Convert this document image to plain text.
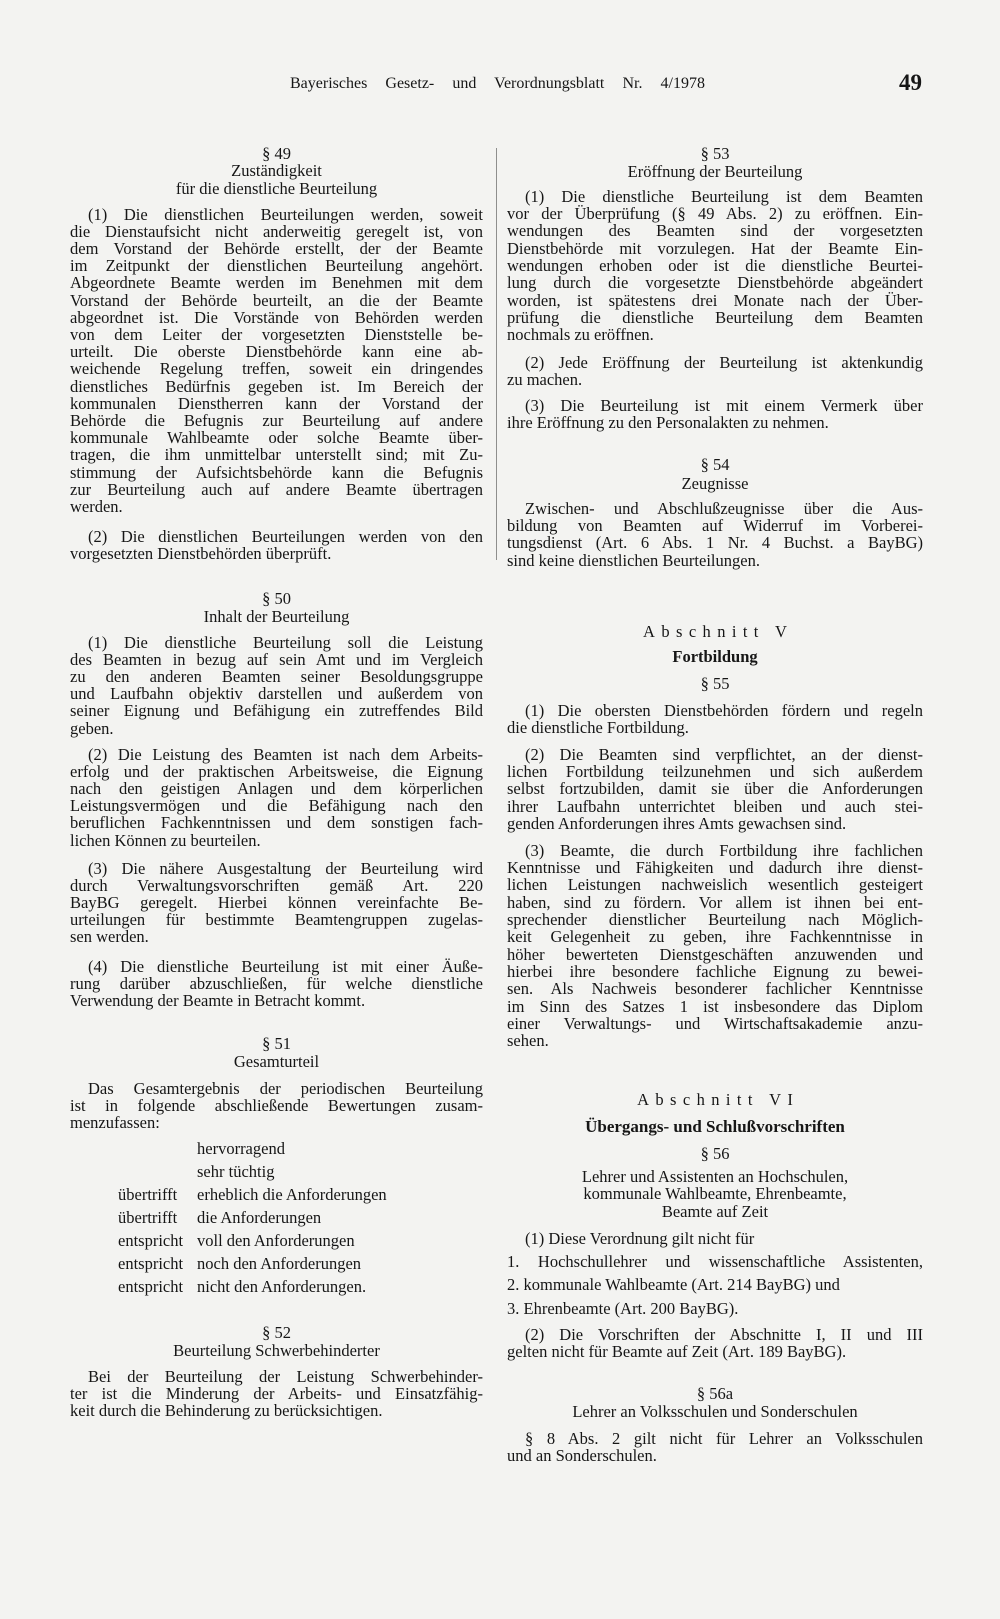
Bayerisches Gesetz- und Verordnungsblatt Nr. 4/1978	49
§ 49
Zuständigkeit
für die dienstliche Beurteilung
(1) Die dienstlichen Beurteilungen werden, soweit
die Dienstaufsicht nicht anderweitig geregelt ist, von
dem Vorstand der Behörde erstellt, der der Beamte
im Zeitpunkt der dienstlichen Beurteilung angehört.
Abgeordnete Beamte werden im Benehmen mit dem
Vorstand der Behörde beurteilt, an die der Beamte
abgeordnet ist. Die Vorstände von Behörden werden
von dem Leiter der vorgesetzten Dienststelle be-
urteilt. Die oberste Dienstbehörde kann eine ab-
weichende Regelung treffen, soweit ein dringendes
dienstliches Bedürfnis gegeben ist. Im Bereich der
kommunalen Dienstherren kann der Vorstand der
Behörde die Befugnis zur Beurteilung auf andere
kommunale Wahlbeamte oder solche Beamte über-
tragen, die ihm unmittelbar unterstellt sind; mit Zu-
stimmung der Aufsichtsbehörde kann die Befugnis
zur Beurteilung auch auf andere Beamte übertragen
werden.
(2) Die dienstlichen Beurteilungen werden von den
vorgesetzten Dienstbehörden überprüft.
§ 50
Inhalt der Beurteilung
(1) Die dienstliche Beurteilung soll die Leistung
des Beamten in bezug auf sein Amt und im Vergleich
zu den anderen Beamten seiner Besoldungsgruppe
und Laufbahn objektiv darstellen und außerdem von
seiner Eignung und Befähigung ein zutreffendes Bild
geben.
(2) Die Leistung des Beamten ist nach dem Arbeits-
erfolg und der praktischen Arbeitsweise, die Eignung
nach den geistigen Anlagen und dem körperlichen
Leistungsvermögen und die Befähigung nach den
beruflichen Fachkenntnissen und dem sonstigen fach-
lichen Können zu beurteilen.
(3) Die nähere Ausgestaltung der Beurteilung wird
durch Verwaltungsvorschriften gemäß Art. 220
BayBG geregelt. Hierbei können vereinfachte Be-
urteilungen für bestimmte Beamtengruppen zugelas-
sen werden.
(4) Die dienstliche Beurteilung ist mit einer Äuße-
rung darüber abzuschließen, für welche dienstliche
Verwendung der Beamte in Betracht kommt.
§ 51
Gesamturteil
Das Gesamtergebnis der periodischen Beurteilung
ist in folgende abschließende Bewertungen zusam-
menzufassen:
hervorragend
sehr tüchtig
übertrifft erheblich die Anforderungen
übertrifft die Anforderungen
entspricht voll den Anforderungen
entspricht noch den Anforderungen
entspricht nicht den Anforderungen.
§ 52
Beurteilung Schwerbehinderter
Bei der Beurteilung der Leistung Schwerbehinder-
ter ist die Minderung der Arbeits- und Einsatzfähig-
keit durch die Behinderung zu berücksichtigen.
§ 53
Eröffnung der Beurteilung
(1) Die dienstliche Beurteilung ist dem Beamten
vor der Überprüfung (§ 49 Abs. 2) zu eröffnen. Ein-
wendungen des Beamten sind der vorgesetzten
Dienstbehörde mit vorzulegen. Hat der Beamte Ein-
wendungen erhoben oder ist die dienstliche Beurtei-
lung durch die vorgesetzte Dienstbehörde abgeändert
worden, ist spätestens drei Monate nach der Über-
prüfung die dienstliche Beurteilung dem Beamten
nochmals zu eröffnen.
(2) Jede Eröffnung der Beurteilung ist aktenkundig
zu machen.
(3) Die Beurteilung ist mit einem Vermerk über
ihre Eröffnung zu den Personalakten zu nehmen.
§ 54
Zeugnisse
Zwischen- und Abschlußzeugnisse über die Aus-
bildung von Beamten auf Widerruf im Vorberei-
tungsdienst (Art. 6 Abs. 1 Nr. 4 Buchst. a BayBG)
sind keine dienstlichen Beurteilungen.
Abschnitt V
Fortbildung
§ 55
(1) Die obersten Dienstbehörden fördern und regeln
die dienstliche Fortbildung.
(2) Die Beamten sind verpflichtet, an der dienst-
lichen Fortbildung teilzunehmen und sich außerdem
selbst fortzubilden, damit sie über die Anforderungen
ihrer Laufbahn unterrichtet bleiben und auch stei-
genden Anforderungen ihres Amts gewachsen sind.
(3) Beamte, die durch Fortbildung ihre fachlichen
Kenntnisse und Fähigkeiten und dadurch ihre dienst-
lichen Leistungen nachweislich wesentlich gesteigert
haben, sind zu fördern. Vor allem ist ihnen bei ent-
sprechender dienstlicher Beurteilung nach Möglich-
keit Gelegenheit zu geben, ihre Fachkenntnisse in
höher bewerteten Dienstgeschäften anzuwenden und
hierbei ihre besondere fachliche Eignung zu bewei-
sen. Als Nachweis besonderer fachlicher Kenntnisse
im Sinn des Satzes 1 ist insbesondere das Diplom
einer Verwaltungs- und Wirtschaftsakademie anzu-
sehen.
Abschnitt VI
Übergangs- und Schlußvorschriften
§ 56
Lehrer und Assistenten an Hochschulen,
kommunale Wahlbeamte, Ehrenbeamte,
Beamte auf Zeit
(1) Diese Verordnung gilt nicht für
1. Hochschullehrer und wissenschaftliche Assistenten,
2. kommunale Wahlbeamte (Art. 214 BayBG) und
3. Ehrenbeamte (Art. 200 BayBG).
(2) Die Vorschriften der Abschnitte I, II und III
gelten nicht für Beamte auf Zeit (Art. 189 BayBG).
§ 56a
Lehrer an Volksschulen und Sonderschulen
§ 8 Abs. 2 gilt nicht für Lehrer an Volksschulen
und an Sonderschulen.
